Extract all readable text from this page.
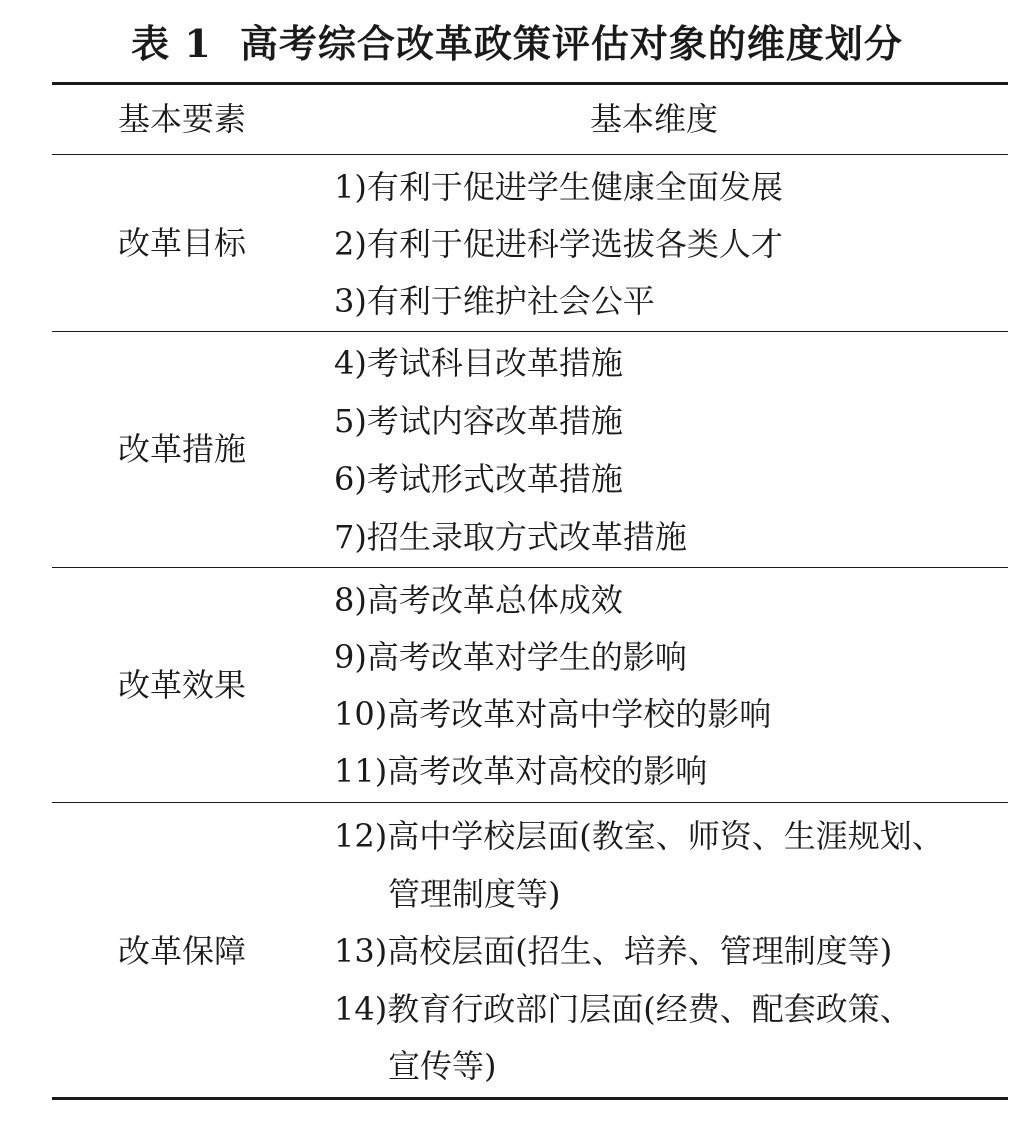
表 1 高考综合改革政策评估对象的维度划分
基本要素	基本维度
改革目标
1)有利于促进学生健康全面发展
2)有利于促进科学选拔各类人才
3)有利于维护社会公平
改革措施
4)考试科目改革措施
5)考试内容改革措施
6)考试形式改革措施
7)招生录取方式改革措施
改革效果
8)高考改革总体成效
9)高考改革对学生的影响
10)高考改革对高中学校的影响
11)高考改革对高校的影响
改革保障
12)高中学校层面(教室、师资、生涯规划、
管理制度等)
13)高校层面(招生、培养、管理制度等)
14)教育行政部门层面(经费、配套政策、
宣传等)
